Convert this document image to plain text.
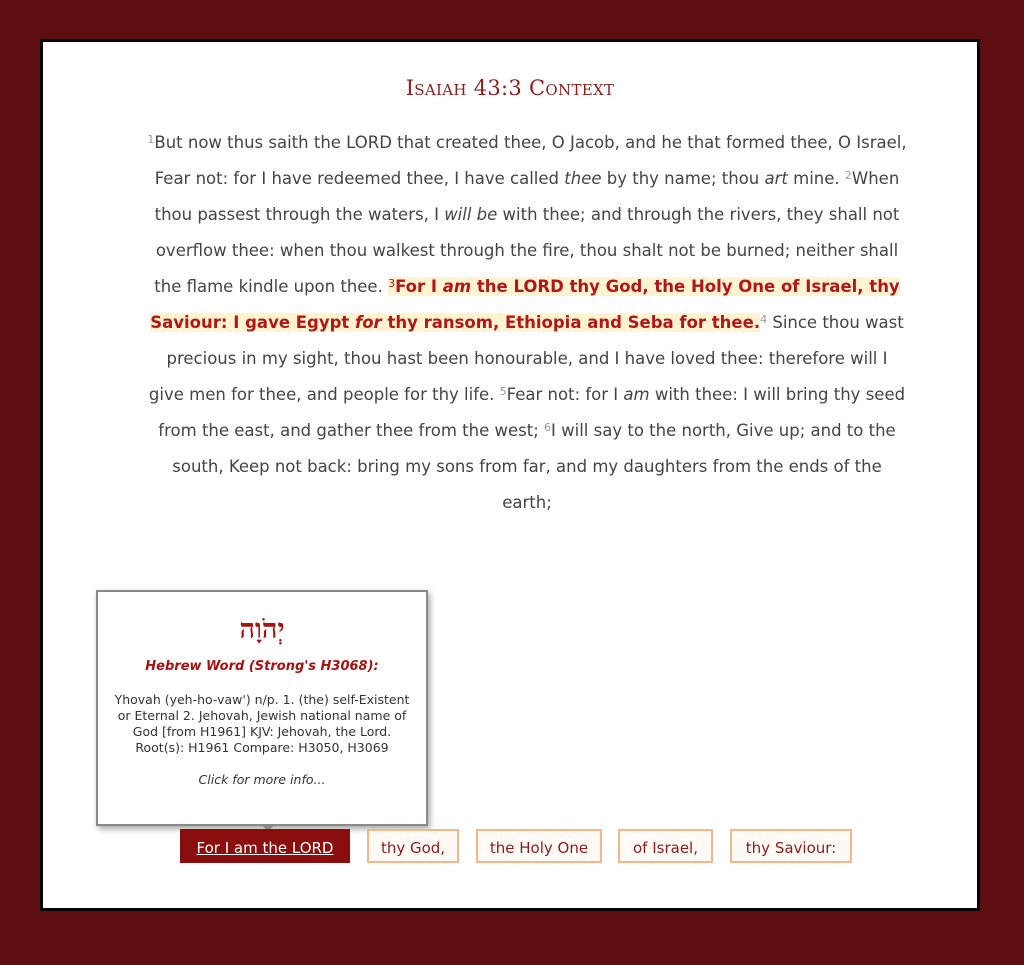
Isaiah 43:3 Context
$^1$But now thus saith the LORD that created thee, O Jacob, and he that formed thee, O Israel, Fear not: for I have redeemed thee, I have called thee by thy name; thou art mine. $^2$When thou passest through the waters, I will be with thee; and through the rivers, they shall not overflow thee: when thou walkest through the fire, thou shalt not be burned; neither shall the flame kindle upon thee. $^3$For I am the LORD thy God, the Holy One of Israel, thy Saviour: I gave Egypt for thy ransom, Ethiopia and Seba for thee.$^4$ Since thou wast precious in my sight, thou hast been honourable, and I have loved thee: therefore will I give men for thee, and people for thy life. $^5$Fear not: for I am with thee: I will bring thy seed from the east, and gather thee from the west; $^6$I will say to the north, Give up; and to the south, Keep not back: bring my sons from far, and my daughters from the ends of the earth;
יְהֹוָה
Hebrew Word (Strong's H3068):
Yhovah (yeh-ho-vaw') n/p. 1. (the) self-Existent or Eternal 2. Jehovah, Jewish national name of God [from H1961] KJV: Jehovah, the Lord. Root(s): H1961 Compare: H3050, H3069
Click for more info...
For I am the LORD	thy God,	the Holy One	of Israel,	thy Saviour:
